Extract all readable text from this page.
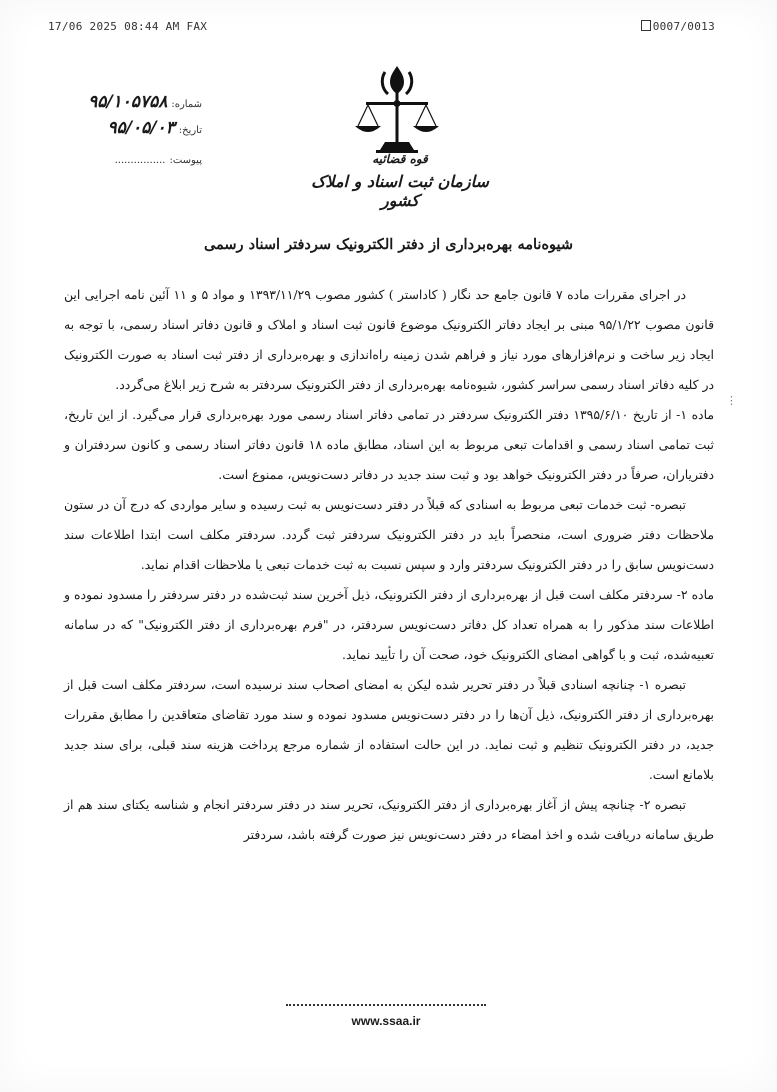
17/06 2025 08:44 AM FAX	0007/0013
قوه قضائیه
سازمان ثبت اسناد و املاک کشور
شماره:۹۵/۱۰۵۷۵۸
تاریخ:۹۵/۰۵/۰۳
پیوست:................
شیوه‌نامه بهره‌برداری از دفتر الکترونیک سردفتر اسناد رسمی

در اجرای مقررات ماده ۷ قانون جامع حد نگار ( کاداستر ) کشور مصوب ۱۳۹۳/۱۱/۲۹ و مواد ۵ و ۱۱ آئین نامه اجرایی این قانون مصوب ۹۵/۱/۲۲ مبنی بر ایجاد دفاتر الکترونیک موضوع قانون ثبت اسناد و املاک و قانون دفاتر اسناد رسمی، با توجه به ایجاد زیر ساخت و نرم‌افزارهای مورد نیاز و فراهم شدن زمینه راه‌اندازی و بهره‌برداری از دفتر ثبت اسناد به صورت الکترونیک در کلیه دفاتر اسناد رسمی سراسر کشور، شیوه‌نامه بهره‌برداری از دفتر الکترونیک سردفتر به شرح زیر ابلاغ می‌گردد.

ماده ۱- از تاریخ ۱۳۹۵/۶/۱۰ دفتر الکترونیک سردفتر در تمامی دفاتر اسناد رسمی مورد بهره‌برداری قرار می‌گیرد. از این تاریخ، ثبت تمامی اسناد رسمی و اقدامات تبعی مربوط به این اسناد، مطابق ماده ۱۸ قانون دفاتر اسناد رسمی و کانون سردفتران و دفتریاران، صرفاً در دفتر الکترونیک خواهد بود و ثبت سند جدید در دفاتر دست‌نویس، ممنوع است.

تبصره- ثبت خدمات تبعی مربوط به اسنادی که قبلاً در دفتر دست‌نویس به ثبت رسیده و سایر مواردی که درج آن در ستون ملاحظات دفتر ضروری است، منحصراً باید در دفتر الکترونیک سردفتر ثبت گردد. سردفتر مکلف است ابتدا اطلاعات سند دست‌نویس سابق را در دفتر الکترونیک سردفتر وارد و سپس نسبت به ثبت خدمات تبعی یا ملاحظات اقدام نماید.

ماده ۲- سردفتر مکلف است قبل از بهره‌برداری از دفتر الکترونیک، ذیل آخرین سند ثبت‌شده در دفتر سردفتر را مسدود نموده و اطلاعات سند مذکور را به همراه تعداد کل دفاتر دست‌نویس سردفتر، در "فرم بهره‌برداری از دفتر الکترونیک" که در سامانه تعبیه‌شده، ثبت و با گواهی امضای الکترونیک خود، صحت آن را تأیید نماید.

تبصره ۱- چنانچه اسنادی قبلاً در دفتر تحریر شده لیکن به امضای اصحاب سند نرسیده است، سردفتر مکلف است قبل از بهره‌برداری از دفتر الکترونیک، ذیل آن‌ها را در دفتر دست‌نویس مسدود نموده و سند مورد تقاضای متعاقدین را مطابق مقررات جدید، در دفتر الکترونیک تنظیم و ثبت نماید. در این حالت استفاده از شماره مرجع پرداخت هزینه سند قبلی، برای سند جدید بلامانع است.

تبصره ۲- چنانچه پیش از آغاز بهره‌برداری از دفتر الکترونیک، تحریر سند در دفتر سردفتر انجام و شناسه یکتای سند هم از طریق سامانه دریافت شده و اخذ امضاء در دفتر دست‌نویس نیز صورت گرفته باشد، سردفتر

⋮
www.ssaa.ir
